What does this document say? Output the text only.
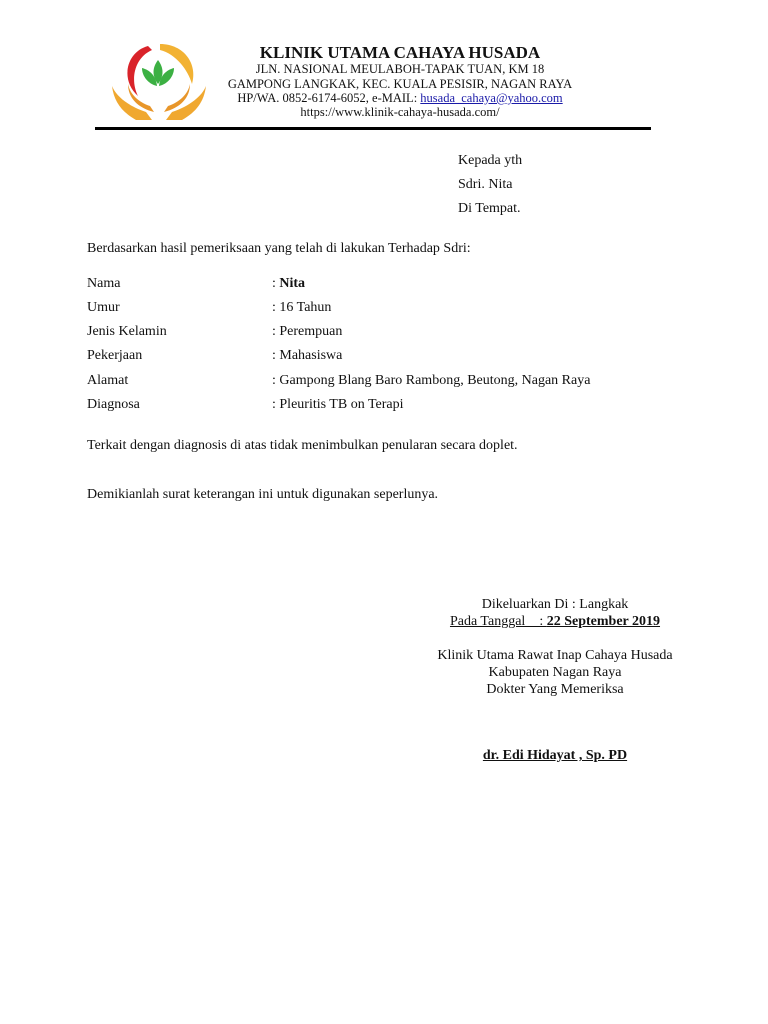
KLINIK UTAMA CAHAYA HUSADA
JLN. NASIONAL MEULABOH-TAPAK TUAN, KM 18
GAMPONG LANGKAK, KEC. KUALA PESISIR, NAGAN RAYA
HP/WA. 0852-6174-6052, e-MAIL: husada_cahaya@yahoo.com
https://www.klinik-cahaya-husada.com/
Kepada yth
Sdri. Nita
Di Tempat.
Berdasarkan hasil pemeriksaan yang telah di lakukan Terhadap Sdri:
Nama	: Nita
Umur	: 16 Tahun
Jenis Kelamin	: Perempuan
Pekerjaan	: Mahasiswa
Alamat	: Gampong Blang Baro Rambong, Beutong, Nagan Raya
Diagnosa	: Pleuritis TB on Terapi
Terkait dengan diagnosis di atas tidak menimbulkan penularan secara doplet.
Demikianlah surat keterangan ini untuk digunakan seperlunya.
Dikeluarkan Di : Langkak
Pada Tanggal    : 22 September 2019
Klinik Utama Rawat Inap Cahaya Husada
Kabupaten Nagan Raya
Dokter Yang Memeriksa
dr. Edi Hidayat , Sp. PD
